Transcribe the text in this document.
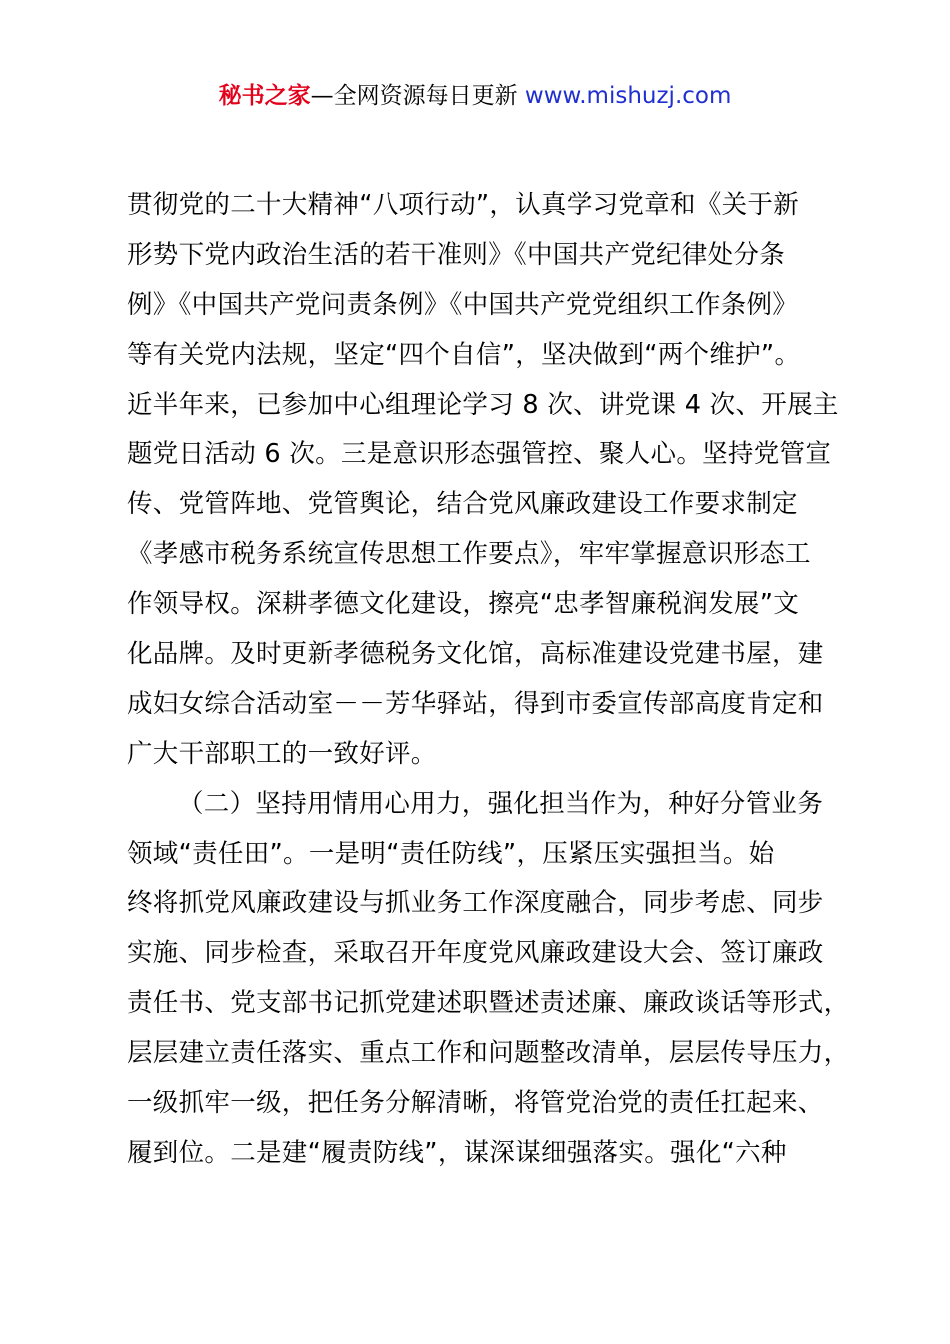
秘书之家—全网资源每日更新 www.mishuzj.com
贯彻党的二十大精神“八项行动”，认真学习党章和《关于新
形势下党内政治生活的若干准则》《中国共产党纪律处分条
例》《中国共产党问责条例》《中国共产党党组织工作条例》
等有关党内法规，坚定“四个自信”，坚决做到“两个维护”。
近半年来，已参加中心组理论学习 8 次、讲党课 4 次、开展主
题党日活动 6 次。三是意识形态强管控、聚人心。坚持党管宣
传、党管阵地、党管舆论，结合党风廉政建设工作要求制定
《孝感市税务系统宣传思想工作要点》，牢牢掌握意识形态工
作领导权。深耕孝德文化建设，擦亮“忠孝智廉税润发展”文
化品牌。及时更新孝德税务文化馆，高标准建设党建书屋，建
成妇女综合活动室－－芳华驿站，得到市委宣传部高度肯定和
广大干部职工的一致好评。
（二）坚持用情用心用力，强化担当作为，种好分管业务
领域“责任田”。一是明“责任防线”，压紧压实强担当。始
终将抓党风廉政建设与抓业务工作深度融合，同步考虑、同步
实施、同步检查，采取召开年度党风廉政建设大会、签订廉政
责任书、党支部书记抓党建述职暨述责述廉、廉政谈话等形式，
层层建立责任落实、重点工作和问题整改清单，层层传导压力，
一级抓牢一级，把任务分解清晰，将管党治党的责任扛起来、
履到位。二是建“履责防线”，谋深谋细强落实。强化“六种
